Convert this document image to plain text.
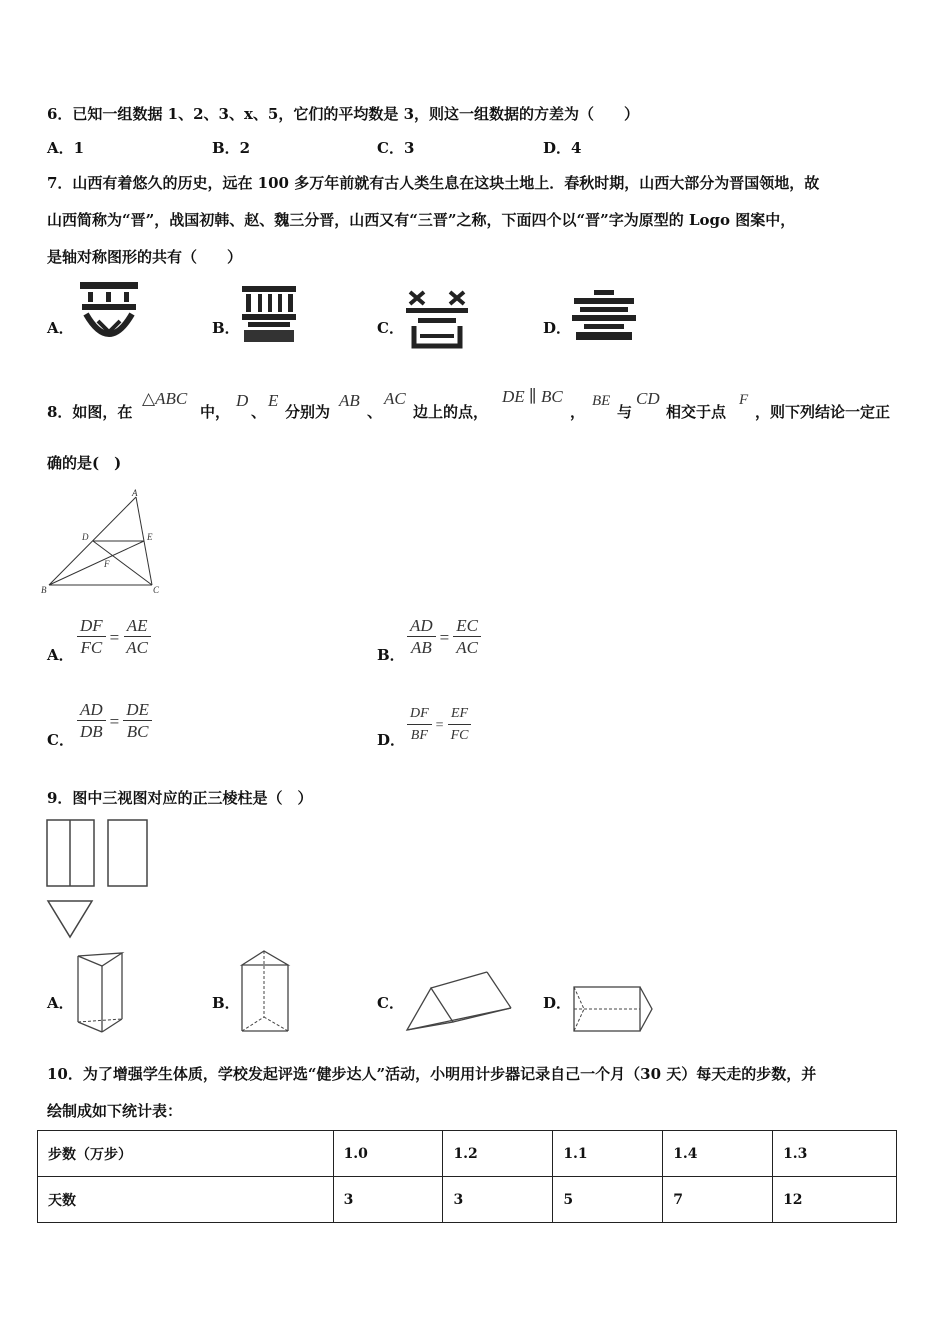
6．已知一组数据 1、2、3、x、5，它们的平均数是 3，则这一组数据的方差为（　　）
A．1	B．2	C．3	D．4
7．山西有着悠久的历史，远在 100 多万年前就有古人类生息在这块土地上．春秋时期，山西大部分为晋国领地，故
山西简称为“晋”，战国初韩、赵、魏三分晋，山西又有“三晋”之称，下面四个以“晋”字为原型的 Logo 图案中，
是轴对称图形的共有（　　）
A．	B．	C．	D．
8．如图，在
△ABC
中，
D
、
E
分别为
AB
、
AC
边上的点，
DE ∥ BC
，
BE
与
CD
相交于点
F
，则下列结论一定正
确的是(　)
A
B	C
D	E
F
A． $\frac{DF}{FC} = \frac{AE}{AC}$	B． $\frac{AD}{AB} = \frac{EC}{AC}$
C． $\frac{AD}{DB} = \frac{DE}{BC}$	D． $\frac{DF}{BF} = \frac{EF}{FC}$
9．图中三视图对应的正三棱柱是（　）
A．	B．	C．	D．
10．为了增强学生体质，学校发起评选“健步达人”活动，小明用计步器记录自己一个月（30 天）每天走的步数，并
绘制成如下统计表：
步数（万步）	1.0	1.2	1.1	1.4	1.3
天数	3	3	5	7	12
